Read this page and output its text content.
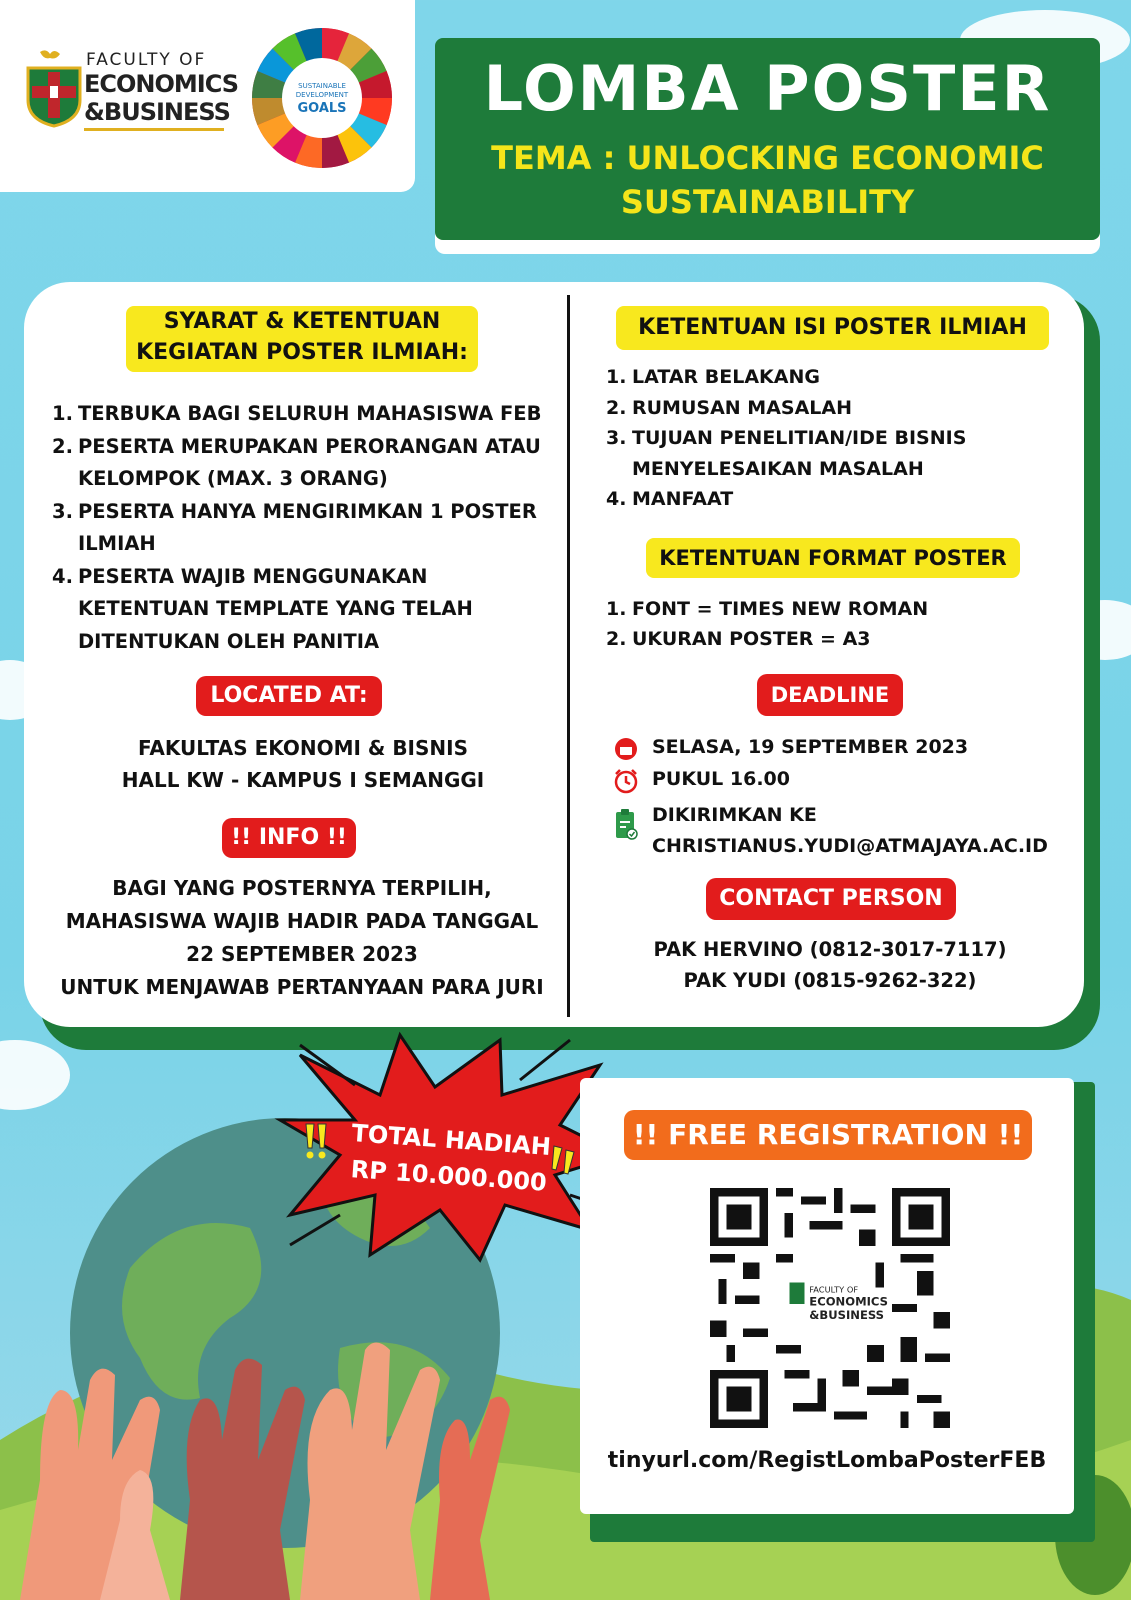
FACULTY OF
ECONOMICS
&BUSINESS
SUSTAINABLE
DEVELOPMENT
GOALS	LOMBA POSTER
TEMA : UNLOCKING ECONOMIC
SUSTAINABILITY
SYARAT & KETENTUAN
KEGIATAN POSTER ILMIAH:
1. TERBUKA BAGI SELURUH MAHASISWA FEB
2. PESERTA MERUPAKAN PERORANGAN ATAU KELOMPOK (MAX. 3 ORANG)
3. PESERTA HANYA MENGIRIMKAN 1 POSTER ILMIAH
4. PESERTA WAJIB MENGGUNAKAN KETENTUAN TEMPLATE YANG TELAH DITENTUKAN OLEH PANITIA
LOCATED AT:
FAKULTAS EKONOMI & BISNIS
HALL KW - KAMPUS I SEMANGGI
!! INFO !!
BAGI YANG POSTERNYA TERPILIH,
MAHASISWA WAJIB HADIR PADA TANGGAL
22 SEPTEMBER 2023
UNTUK MENJAWAB PERTANYAAN PARA JURI
KETENTUAN ISI POSTER ILMIAH
1. LATAR BELAKANG
2. RUMUSAN MASALAH
3. TUJUAN PENELITIAN/IDE BISNIS MENYELESAIKAN MASALAH
4. MANFAAT
KETENTUAN FORMAT POSTER
1. FONT = TIMES NEW ROMAN
2. UKURAN POSTER = A3
DEADLINE
SELASA, 19 SEPTEMBER 2023
PUKUL 16.00
DIKIRIMKAN KE
CHRISTIANUS.YUDI@ATMAJAYA.AC.ID
CONTACT PERSON
PAK HERVINO (0812-3017-7117)
PAK YUDI (0815-9262-322)
TOTAL HADIAH
RP 10.000.000
!! FREE REGISTRATION !!
FACULTY OF
ECONOMICS
&BUSINESS
tinyurl.com/RegistLombaPosterFEB
